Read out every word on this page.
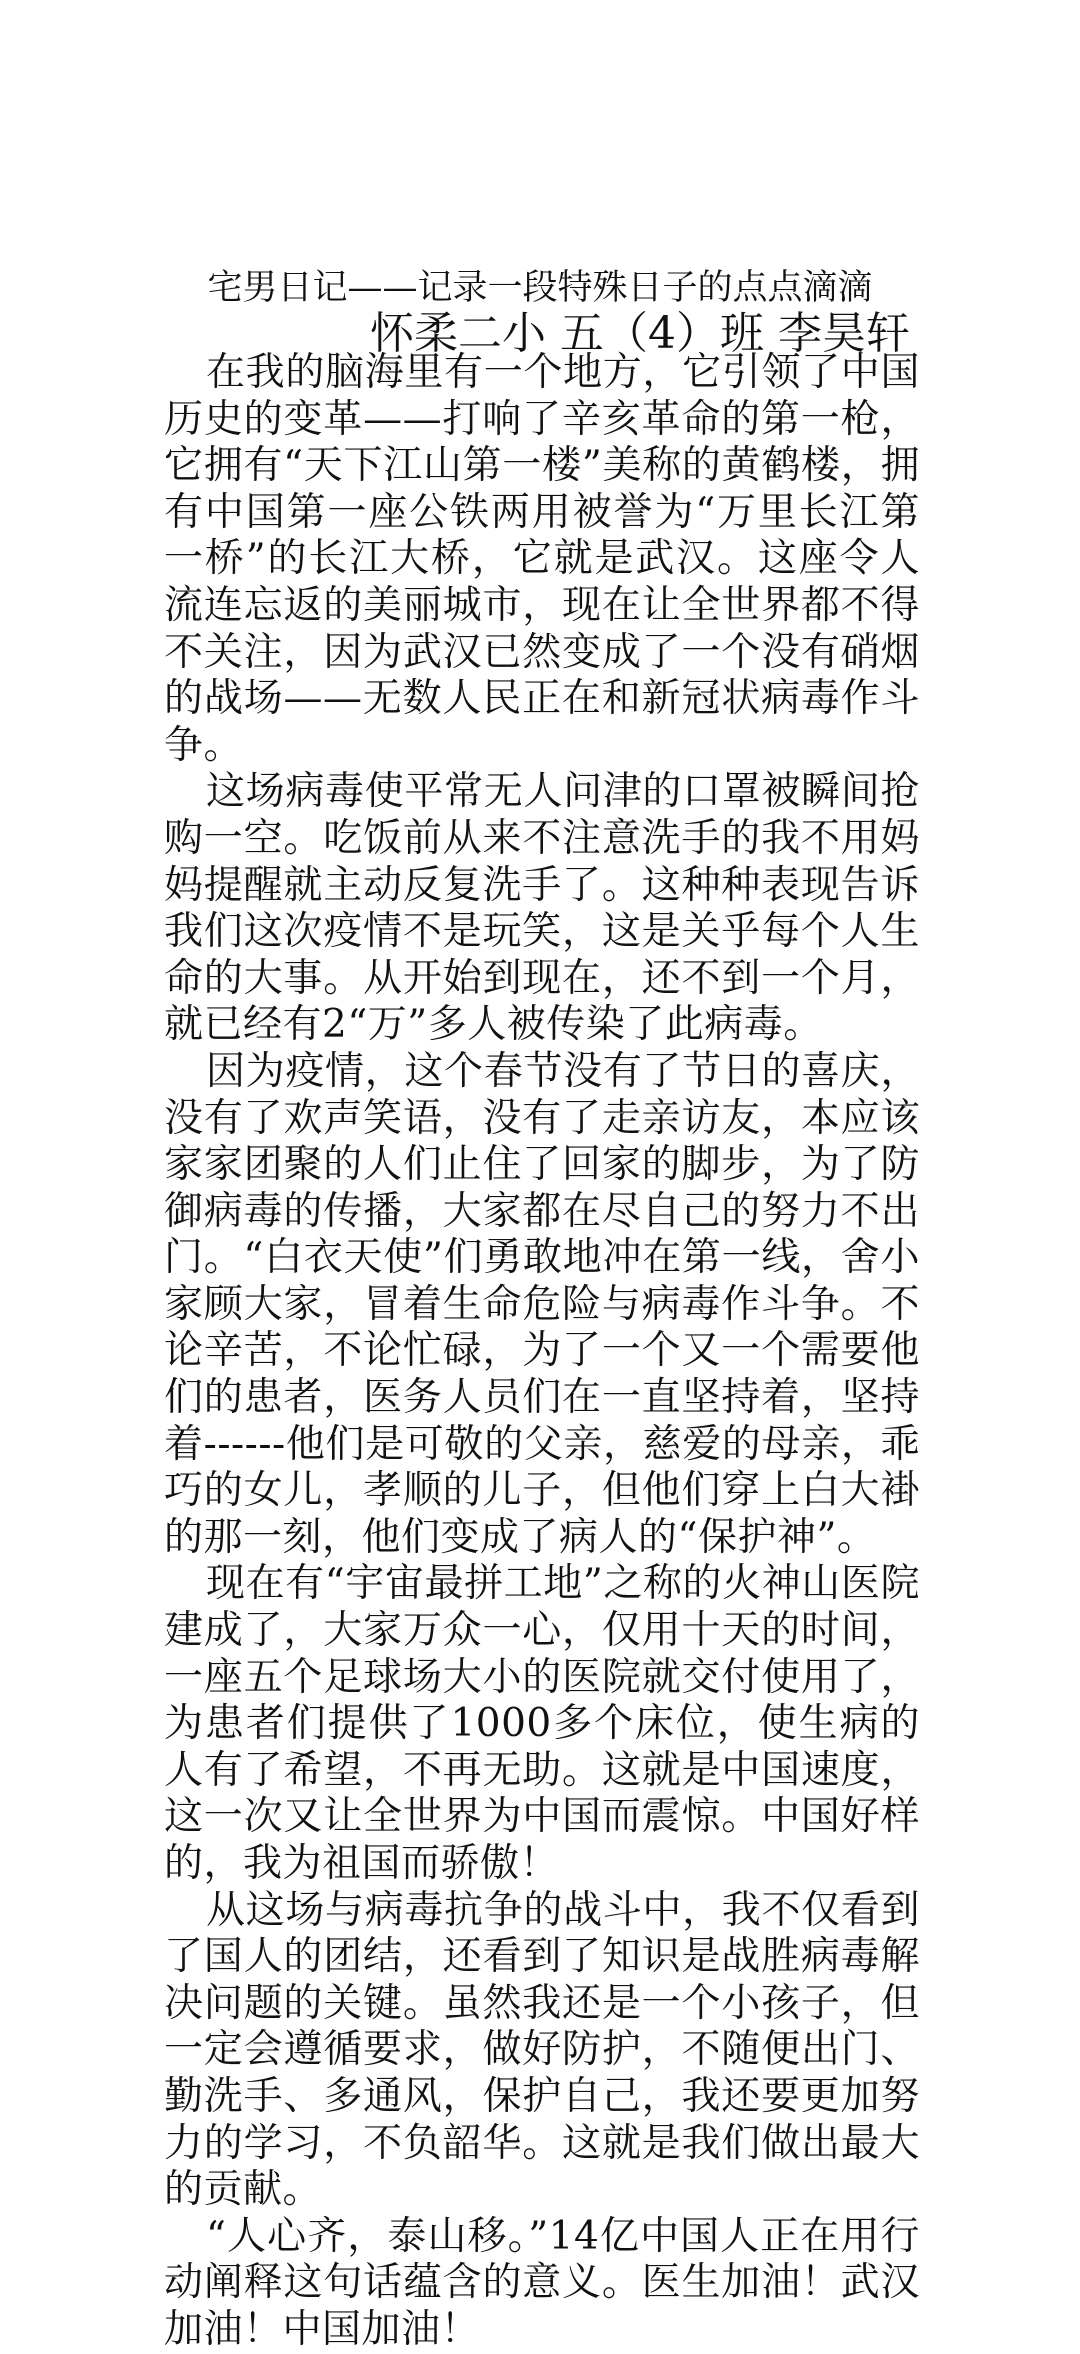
宅男日记——记录一段特殊日子的点点滴滴
怀柔二小 五（4）班 李昊轩

在我的脑海里有一个地方，它引领了中国历史的变革——打响了辛亥革命的第一枪，它拥有“天下江山第一楼”美称的黄鹤楼，拥有中国第一座公铁两用被誉为“万里长江第一桥”的长江大桥，它就是武汉。这座令人流连忘返的美丽城市，现在让全世界都不得不关注，因为武汉已然变成了一个没有硝烟的战场——无数人民正在和新冠状病毒作斗争。

这场病毒使平常无人问津的口罩被瞬间抢购一空。吃饭前从来不注意洗手的我不用妈妈提醒就主动反复洗手了。这种种表现告诉我们这次疫情不是玩笑，这是关乎每个人生命的大事。从开始到现在，还不到一个月，就已经有2“万”多人被传染了此病毒。

因为疫情，这个春节没有了节日的喜庆，没有了欢声笑语，没有了走亲访友，本应该家家团聚的人们止住了回家的脚步，为了防御病毒的传播，大家都在尽自己的努力不出门。“白衣天使”们勇敢地冲在第一线，舍小家顾大家，冒着生命危险与病毒作斗争。不论辛苦，不论忙碌，为了一个又一个需要他们的患者，医务人员们在一直坚持着，坚持着------他们是可敬的父亲，慈爱的母亲，乖巧的女儿，孝顺的儿子，但他们穿上白大褂的那一刻，他们变成了病人的“保护神”。

现在有“宇宙最拼工地”之称的火神山医院建成了，大家万众一心，仅用十天的时间，一座五个足球场大小的医院就交付使用了，为患者们提供了1000多个床位，使生病的人有了希望，不再无助。这就是中国速度，这一次又让全世界为中国而震惊。中国好样的，我为祖国而骄傲！

从这场与病毒抗争的战斗中，我不仅看到了国人的团结，还看到了知识是战胜病毒解决问题的关键。虽然我还是一个小孩子，但一定会遵循要求，做好防护，不随便出门、勤洗手、多通风，保护自己，我还要更加努力的学习，不负韶华。这就是我们做出最大的贡献。

“人心齐，泰山移。”14亿中国人正在用行动阐释这句话蕴含的意义。医生加油！武汉加油！中国加油！
